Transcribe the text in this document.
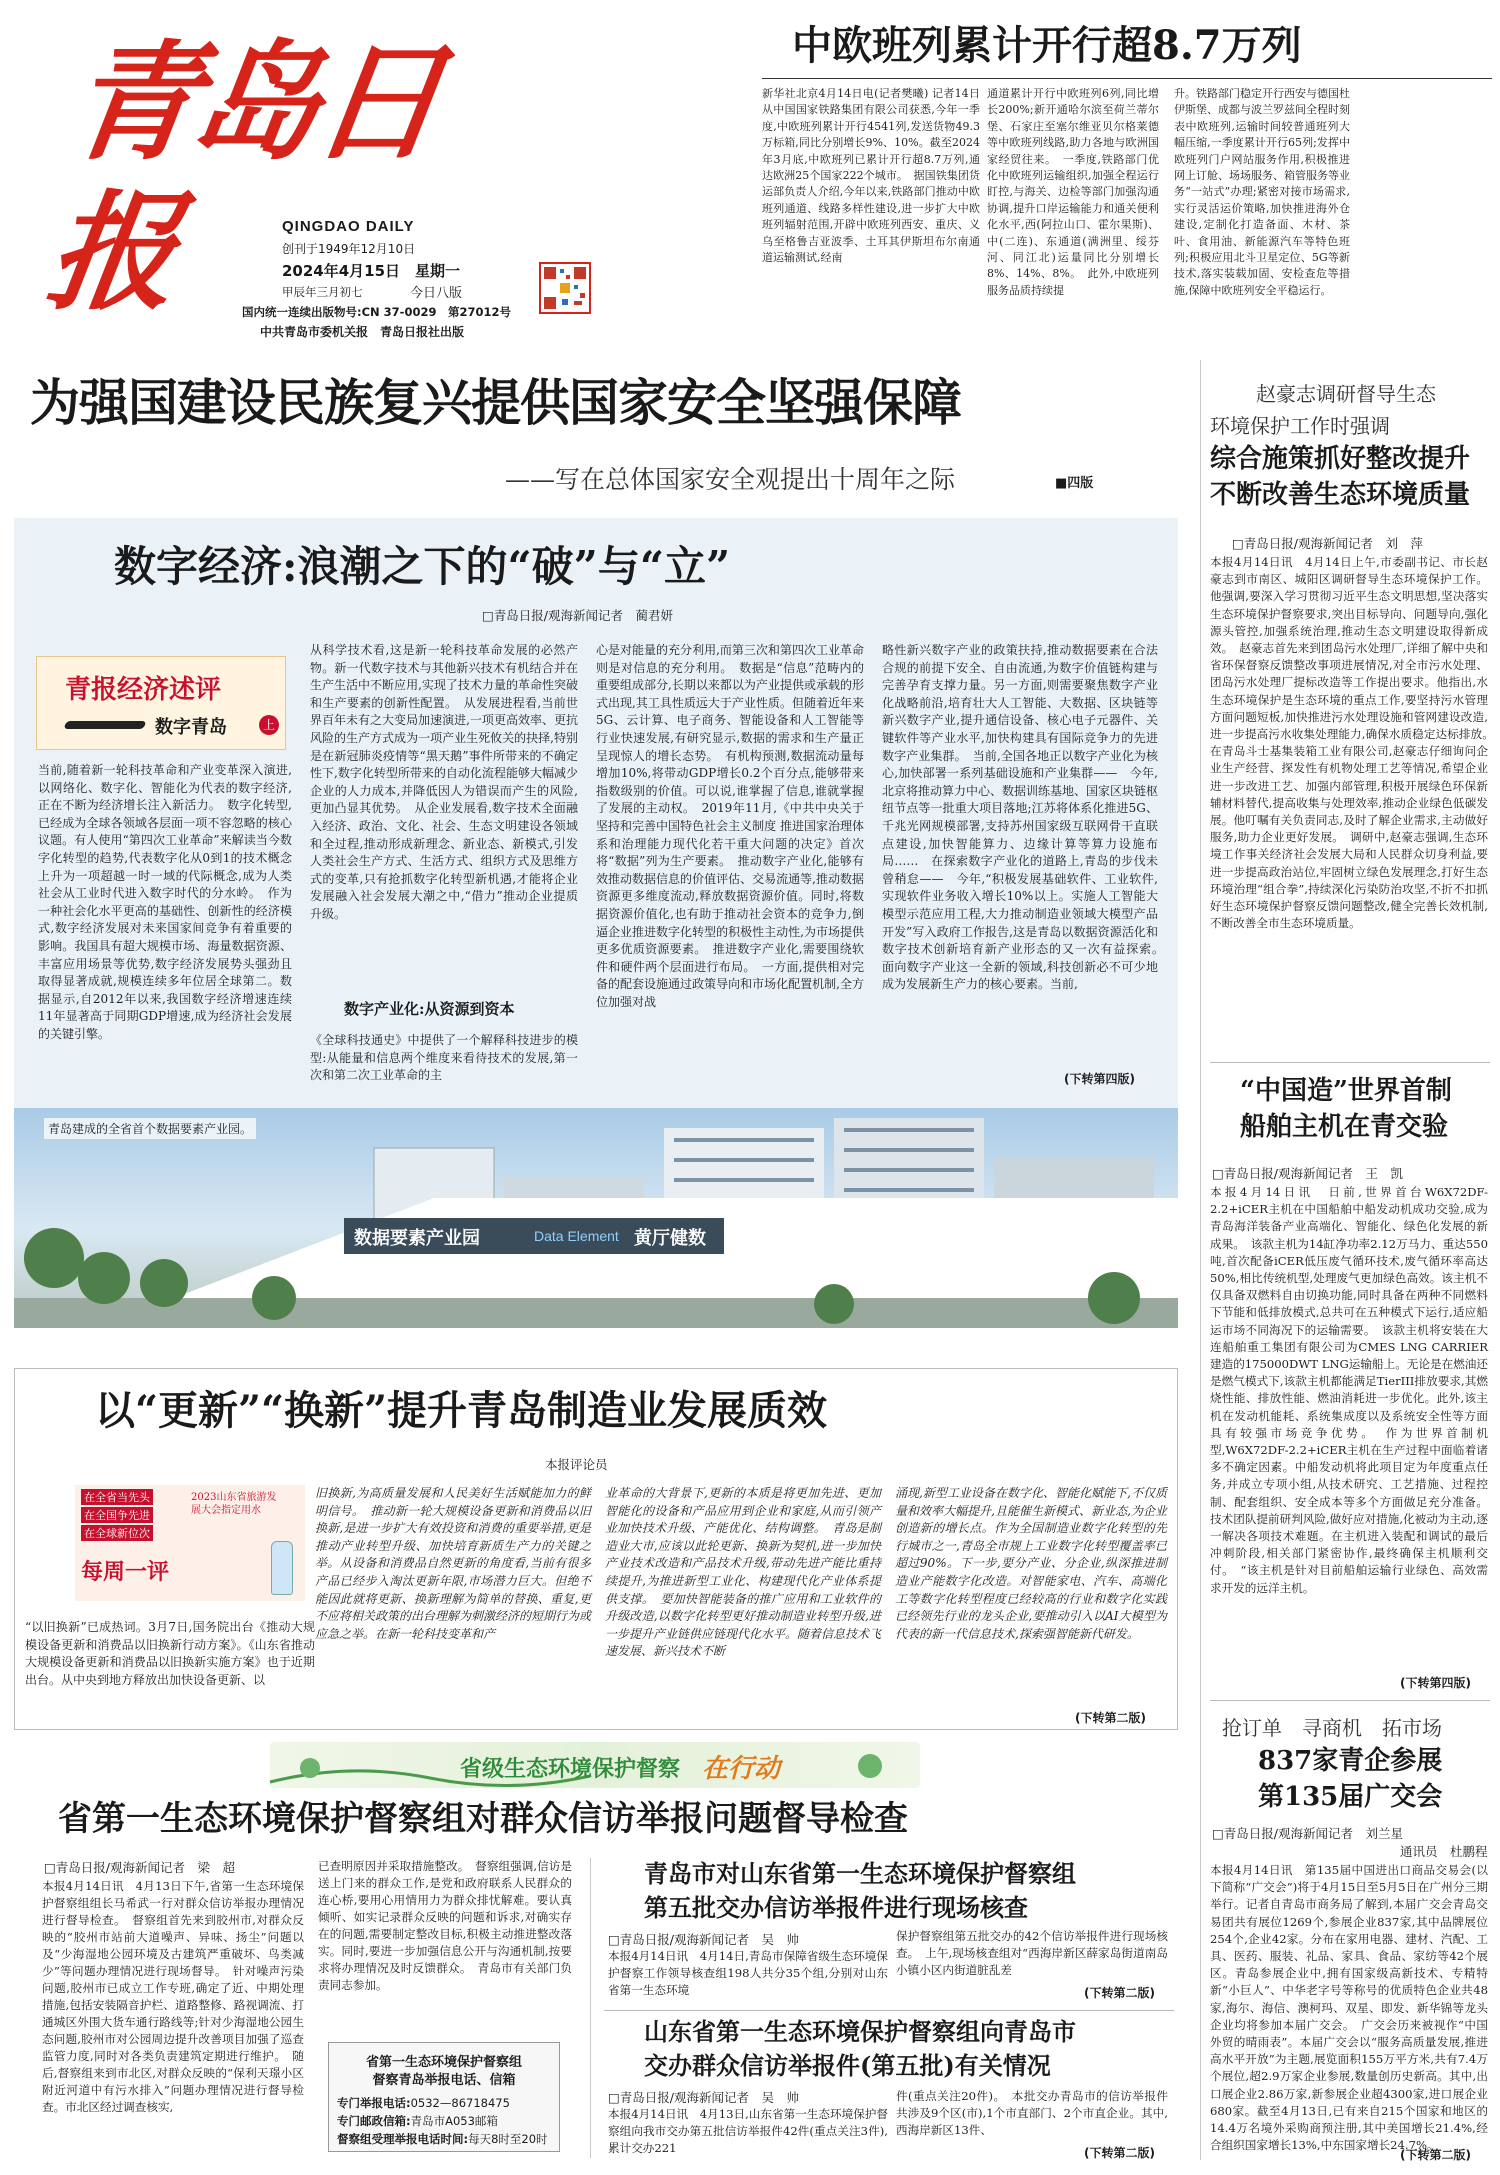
青岛日报	QINGDAO DAILY
创刊于1949年12月10日
2024年4月15日　星期一
甲辰年三月初七	今日八版
国内统一连续出版物号:CN 37-0029　第27012号
中共青岛市委机关报　青岛日报社出版
中欧班列累计开行超8.7万列
新华社北京4月14日电(记者樊曦) 记者14日从中国国家铁路集团有限公司获悉,今年一季度,中欧班列累计开行4541列,发送货物49.3万标箱,同比分别增长9%、10%。截至2024年3月底,中欧班列已累计开行超8.7万列,通达欧洲25个国家222个城市。　据国铁集团货运部负责人介绍,今年以来,铁路部门推动中欧班列通道、线路多样性建设,进一步扩大中欧班列辐射范围,开辟中欧班列西安、重庆、义乌至格鲁吉亚波季、土耳其伊斯坦布尔南通道运输测试,经南
通道累计开行中欧班列6列,同比增长200%;新开通哈尔滨至荷兰蒂尔堡、石家庄至塞尔维亚贝尔格莱德等中欧班列线路,助力各地与欧洲国家经贸往来。　一季度,铁路部门优化中欧班列运输组织,加强全程运行盯控,与海关、边检等部门加强沟通协调,提升口岸运输能力和通关便利化水平,西(阿拉山口、霍尔果斯)、中(二连)、东通道(满洲里、绥芬河、同江北)运量同比分别增长8%、14%、8%。　此外,中欧班列服务品质持续提
升。铁路部门稳定开行西安与德国杜伊斯堡、成都与波兰罗兹间全程时刻表中欧班列,运输时间较普通班列大幅压缩,一季度累计开行65列;发挥中欧班列门户网站服务作用,积极推进网上订舱、场场服务、箱管服务等业务“一站式”办理;紧密对接市场需求,实行灵活运价策略,加快推进海外仓建设,定制化打造备面、木材、茶叶、食用油、新能源汽车等特色班列;积极应用北斗卫星定位、5G等新技术,落实装载加固、安检查危等措施,保障中欧班列安全平稳运行。
为强国建设民族复兴提供国家安全坚强保障
——写在总体国家安全观提出十周年之际	■四版
数字经济:浪潮之下的“破”与“立”
□青岛日报/观海新闻记者　蔺君妍
青报经济述评
数字青岛	上
当前,随着新一轮科技革命和产业变革深入演进,以网络化、数字化、智能化为代表的数字经济,正在不断为经济增长注入新活力。　数字化转型,已经成为全球各领域各层面一项不容忽略的核心议题。有人使用“第四次工业革命”来解读当今数字化转型的趋势,代表数字化从0到1的技术概念上升为一项超越一时一域的代际概念,成为人类社会从工业时代进入数字时代的分水岭。　作为一种社会化水平更高的基础性、创新性的经济模式,数字经济发展对未来国家间竞争有着重要的影响。我国具有超大规模市场、海量数据资源、丰富应用场景等优势,数字经济发展势头强劲且取得显著成就,规模连续多年位居全球第二。数据显示,自2012年以来,我国数字经济增速连续11年显著高于同期GDP增速,成为经济社会发展的关键引擎。
从科学技术看,这是新一轮科技革命发展的必然产物。新一代数字技术与其他新兴技术有机结合并在生产生活中不断应用,实现了技术力量的革命性突破和生产要素的创新性配置。　从发展进程看,当前世界百年未有之大变局加速演进,一项更高效率、更抗风险的生产方式成为一项产业生死攸关的抉择,特别是在新冠肺炎疫情等“黑天鹅”事件所带来的不确定性下,数字化转型所带来的自动化流程能够大幅减少企业的人力成本,并降低因人为错误而产生的风险,更加凸显其优势。　从企业发展看,数字技术全面融入经济、政治、文化、社会、生态文明建设各领域和全过程,推动形成新理念、新业态、新模式,引发人类社会生产方式、生活方式、组织方式及思维方式的变革,只有抢抓数字化转型新机遇,才能将企业发展融入社会发展大潮之中,“借力”推动企业提质升级。
数字产业化:从资源到资本
《全球科技通史》中提供了一个解释科技进步的模型:从能量和信息两个维度来看待技术的发展,第一次和第二次工业革命的主
心是对能量的充分利用,而第三次和第四次工业革命则是对信息的充分利用。　数据是“信息”范畴内的重要组成部分,长期以来都以为产业提供或承载的形式出现,其工具性质远大于产业性质。但随着近年来5G、云计算、电子商务、智能设备和人工智能等行业快速发展,有研究显示,数据的需求和生产量正呈现惊人的增长态势。　有机构预测,数据流动量每增加10%,将带动GDP增长0.2个百分点,能够带来指数级别的价值。可以说,谁掌握了信息,谁就掌握了发展的主动权。　2019年11月,《中共中央关于坚持和完善中国特色社会主义制度 推进国家治理体系和治理能力现代化若干重大问题的决定》首次将“数据”列为生产要素。　推动数字产业化,能够有效推动数据信息的价值评估、交易流通等,推动数据资源更多维度流动,释放数据资源价值。同时,将数据资源价值化,也有助于推动社会资本的竞争力,倒逼企业推进数字化转型的积极性主动性,为市场提供更多优质资源要素。　推进数字产业化,需要围绕软件和硬件两个层面进行布局。　一方面,提供相对完备的配套设施通过政策导向和市场化配置机制,全方位加强对战
略性新兴数字产业的政策扶持,推动数据要素在合法合规的前提下安全、自由流通,为数字价值链构建与完善孕育支撑力量。另一方面,则需要聚焦数字产业化战略前沿,培育壮大人工智能、大数据、区块链等新兴数字产业,提升通信设备、核心电子元器件、关键软件等产业水平,加快构建具有国际竞争力的先进数字产业集群。　当前,全国各地正以数字产业化为核心,加快部署一系列基础设施和产业集群——　今年,北京将推动算力中心、数据训练基地、国家区块链枢纽节点等一批重大项目落地;江苏将体系化推进5G、千兆光网规模部署,支持苏州国家级互联网骨干直联点建设,加快智能算力、边缘计算等算力设施布局……　在探索数字产业化的道路上,青岛的步伐未曾稍怠——　今年,“积极发展基础软件、工业软件,实现软件业务收入增长10%以上。实施人工智能大模型示范应用工程,大力推动制造业领域大模型产品开发”写入政府工作报告,这是青岛以数据资源活化和数字技术创新培育新产业形态的又一次有益探索。　面向数字产业这一全新的领域,科技创新必不可少地成为发展新生产力的核心要素。当前,
(下转第四版)
数据要素产业园	Data Element 黄厅健数
青岛建成的全省首个数据要素产业园。
以“更新”“换新”提升青岛制造业发展质效
本报评论员
在全省当先头
在全国争先进
在全球新位次
2023山东省旅游发展大会指定用水
每周一评
“以旧换新”已成热词。3月7日,国务院出台《推动大规模设备更新和消费品以旧换新行动方案》。《山东省推动大规模设备更新和消费品以旧换新实施方案》也于近期出台。从中央到地方释放出加快设备更新、以
旧换新,为高质量发展和人民美好生活赋能加力的鲜明信号。　推动新一轮大规模设备更新和消费品以旧换新,是进一步扩大有效投资和消费的重要举措,更是推动产业转型升级、加快培育新质生产力的关键之举。从设备和消费品自然更新的角度看,当前有很多产品已经步入淘汰更新年限,市场潜力巨大。但绝不能因此就将更新、换新理解为简单的替换、重复,更不应将相关政策的出台理解为刺激经济的短期行为或应急之举。在新一轮科技变革和产
业革命的大背景下,更新的本质是将更加先进、更加智能化的设备和产品应用到企业和家庭,从而引领产业加快技术升级、产能优化、结构调整。　青岛是制造业大市,应该以此轮更新、换新为契机,进一步加快产业技术改造和产品技术升级,带动先进产能比重持续提升,为推进新型工业化、构建现代化产业体系提供支撑。　要加快智能装备的推广应用和工业软件的升级改造,以数字化转型更好推动制造业转型升级,进一步提升产业链供应链现代化水平。随着信息技术飞速发展、新兴技术不断
涌现,新型工业设备在数字化、智能化赋能下,不仅质量和效率大幅提升,且能催生新模式、新业态,为企业创造新的增长点。作为全国制造业数字化转型的先行城市之一,青岛全市规上工业数字化转型覆盖率已超过90%。下一步,要分产业、分企业,纵深推进制造业产能数字化改造。对智能家电、汽车、高端化工等数字化转型程度已经较高的行业和数字化实践已经领先行业的龙头企业,要推动引入以AI大模型为代表的新一代信息技术,探索强智能新代研发。
(下转第二版)
省级生态环境保护督察 在行动
省第一生态环境保护督察组对群众信访举报问题督导检查
□青岛日报/观海新闻记者　梁　超
本报4月14日讯　4月13日下午,省第一生态环境保护督察组组长马希武一行对群众信访举报办理情况进行督导检查。　督察组首先来到胶州市,对群众反映的“胶州市站前大道噪声、异味、扬尘”问题以及“少海湿地公园环境及古建筑严重破坏、鸟类减少”等问题办理情况进行现场督导。　针对噪声污染问题,胶州市已成立工作专班,确定了近、中期处理措施,包括安装隔音护栏、道路整修、路视调流、打通城区外围大货车通行路线等;针对少海湿地公园生态问题,胶州市对公园周边提升改善项目加强了巡查监管力度,同时对各类负责建筑定期进行维护。　随后,督察组来到市北区,对群众反映的“保利天璟小区附近河道中有污水排入”问题办理情况进行督导检查。市北区经过调查核实,
已查明原因并采取措施整改。　督察组强调,信访是送上门来的群众工作,是党和政府联系人民群众的连心桥,要用心用情用力为群众排忧解难。要认真倾听、如实记录群众反映的问题和诉求,对确实存在的问题,需要制定整改目标,积极主动推进整改落实。同时,要进一步加强信息公开与沟通机制,按要求将办理情况及时反馈群众。　青岛市有关部门负责同志参加。
省第一生态环境保护督察组
督察青岛举报电话、信箱
专门举报电话:0532—86718475
专门邮政信箱:青岛市A053邮箱
督察组受理举报电话时间:每天8时至20时
青岛市对山东省第一生态环境保护督察组
第五批交办信访举报件进行现场核查
□青岛日报/观海新闻记者　吴　帅
本报4月14日讯　4月14日,青岛市保障省级生态环境保护督察工作领导核查组198人共分35个组,分别对山东省第一生态环境
保护督察组第五批交办的42个信访举报件进行现场核查。　上午,现场核查组对“西海岸新区薛家岛街道南岛小镇小区内街道脏乱差
(下转第二版)
山东省第一生态环境保护督察组向青岛市
交办群众信访举报件(第五批)有关情况
□青岛日报/观海新闻记者　吴　帅
本报4月14日讯　4月13日,山东省第一生态环境保护督察组向我市交办第五批信访举报件42件(重点关注3件),累计交办221
件(重点关注20件)。　本批交办青岛市的信访举报件共涉及9个区(市),1个市直部门、2个市直企业。其中,西海岸新区13件、
(下转第二版)
赵豪志调研督导生态
环境保护工作时强调
综合施策抓好整改提升
不断改善生态环境质量
□青岛日报/观海新闻记者　刘　萍
本报4月14日讯　4月14日上午,市委副书记、市长赵豪志到市南区、城阳区调研督导生态环境保护工作。他强调,要深入学习贯彻习近平生态文明思想,坚决落实生态环境保护督察要求,突出目标导向、问题导向,强化源头管控,加强系统治理,推动生态文明建设取得新成效。　赵豪志首先来到团岛污水处理厂,详细了解中央和省环保督察反馈整改事项进展情况,对全市污水处理、团岛污水处理厂提标改造等工作提出要求。他指出,水生态环境保护是生态环境的重点工作,要坚持污水管理方面问题短板,加快推进污水处理设施和管网建设改造,进一步提高污水收集处理能力,确保水质稳定达标排放。　在青岛斗士基集装箱工业有限公司,赵豪志仔细询问企业生产经营、探发性有机物处理工艺等情况,希望企业进一步改进工艺、加强内部管理,积极开展绿色环保新辅材料替代,提高收集与处理效率,推动企业绿色低碳发展。他叮嘱有关负责同志,及时了解企业需求,主动做好服务,助力企业更好发展。　调研中,赵豪志强调,生态环境工作事关经济社会发展大局和人民群众切身利益,要进一步提高政治站位,牢固树立绿色发展理念,打好生态环境治理“组合拳”,持续深化污染防治攻坚,不折不扣抓好生态环境保护督察反馈问题整改,健全完善长效机制,不断改善全市生态环境质量。
“中国造”世界首制
船舶主机在青交验
□青岛日报/观海新闻记者　王　凯
本报4月14日讯　日前,世界首台W6X72DF-2.2+iCER主机在中国船舶中船发动机成功交验,成为青岛海洋装备产业高端化、智能化、绿色化发展的新成果。　该款主机为14缸净功率2.12万马力、重达550吨,首次配备iCER低压废气循环技术,废气循环率高达50%,相比传统机型,处理废气更加绿色高效。该主机不仅具备双燃料自由切换功能,同时具备在两种不同燃料下节能和低排放模式,总共可在五种模式下运行,适应船运市场不同海况下的运输需要。　该款主机将安装在大连船舶重工集团有限公司为CMES LNG CARRIER建造的175000DWT LNG运输船上。无论是在燃油还是燃气模式下,该款主机都能满足TierIII排放要求,其燃烧性能、排放性能、燃油消耗进一步优化。此外,该主机在发动机能耗、系统集成度以及系统安全性等方面具有较强市场竞争优势。　作为世界首制机型,W6X72DF-2.2+iCER主机在生产过程中面临着诸多不确定因素。中船发动机将此项目定为年度重点任务,并成立专项小组,从技术研究、工艺措施、过程控制、配套组织、安全成本等多个方面做足充分准备。技术团队提前研判风险,做好应对措施,化被动为主动,逐一解决各项技术难题。在主机进入装配和调试的最后冲刺阶段,相关部门紧密协作,最终确保主机顺利交付。　“该主机是针对目前船舶运输行业绿色、高效需求开发的远洋主机。
(下转第四版)
抢订单　寻商机　拓市场
837家青企参展
第135届广交会
□青岛日报/观海新闻记者　刘兰星
通讯员　杜鹏程
本报4月14日讯　第135届中国进出口商品交易会(以下简称“广交会”)将于4月15日至5月5日在广州分三期举行。记者自青岛市商务局了解到,本届广交会青岛交易团共有展位1269个,参展企业837家,其中品牌展位254个,企业42家。分布在家用电器、建材、汽配、工具、医药、服装、礼品、家具、食品、家纺等42个展区。青岛参展企业中,拥有国家级高新技术、专精特新“小巨人”、中华老字号等称号的优质特色企业共48家,海尔、海信、澳柯玛、双星、即发、新华锦等龙头企业均将参加本届广交会。　广交会历来被视作“中国外贸的晴雨表”。本届广交会以“服务高质量发展,推进高水平开放”为主题,展览面积155万平方米,共有7.4万个展位,超2.9万家企业参展,数量创历史新高。其中,出口展企业2.86万家,新参展企业超4300家,进口展企业680家。截至4月13日,已有来自215个国家和地区的14.4万名境外采购商预注册,其中美国增长21.4%,经合组织国家增长13%,中东国家增长24.7%。
(下转第二版)
